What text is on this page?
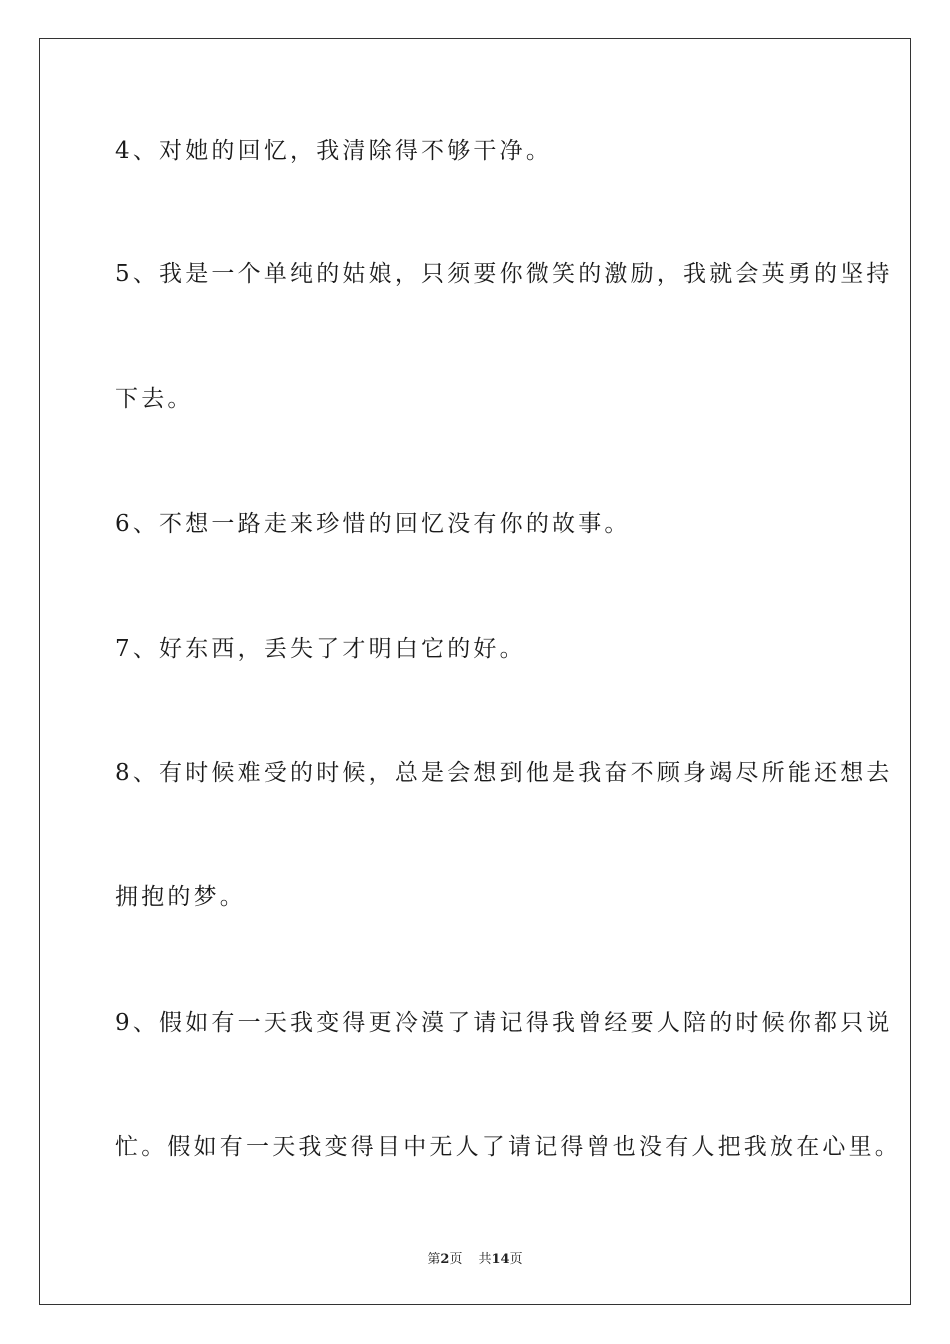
4、对她的回忆，我清除得不够干净。
5、我是一个单纯的姑娘，只须要你微笑的激励，我就会英勇的坚持
下去。
6、不想一路走来珍惜的回忆没有你的故事。
7、好东西，丢失了才明白它的好。
8、有时候难受的时候，总是会想到他是我奋不顾身竭尽所能还想去
拥抱的梦。
9、假如有一天我变得更冷漠了请记得我曾经要人陪的时候你都只说
忙。假如有一天我变得目中无人了请记得曾也没有人把我放在心里。
第2页 共14页
